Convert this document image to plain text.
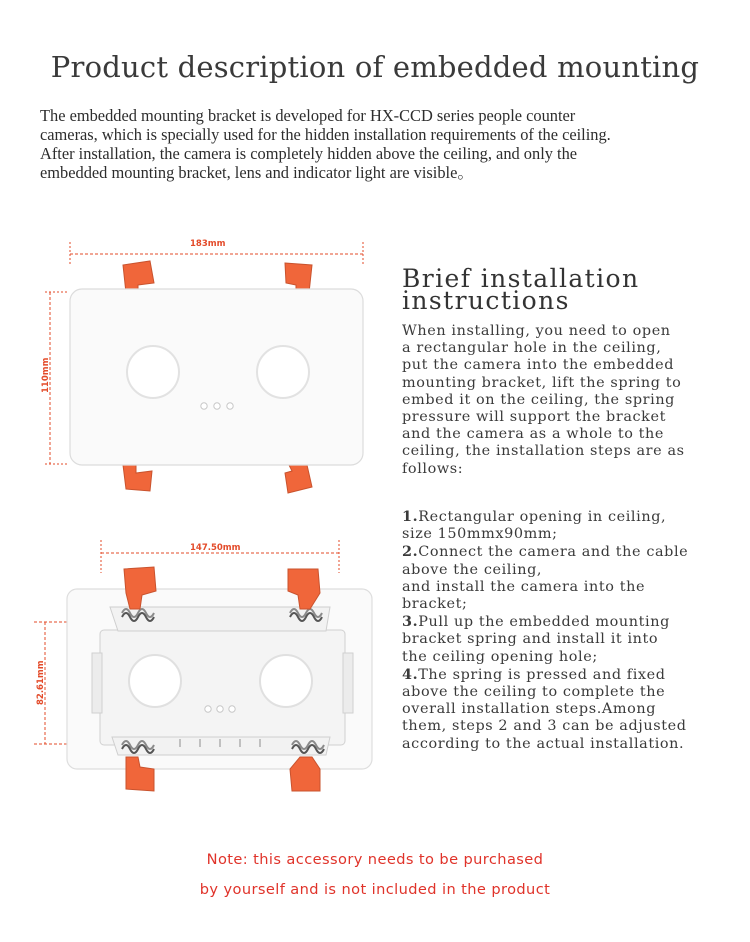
Product description of embedded mounting
The embedded mounting bracket is developed for HX-CCD series people counter
cameras, which is specially used for the hidden installation requirements of the ceiling.
After installation, the camera is completely hidden above the ceiling, and only the
embedded mounting bracket, lens and indicator light are visible。
183mm
110mm
147.50mm
82.61mm
Brief installation
instructions
When installing, you need to open
a rectangular hole in the ceiling,
put the camera into the embedded
mounting bracket, lift the spring to
embed it on the ceiling, the spring
pressure will support the bracket
and the camera as a whole to the
ceiling, the installation steps are as
follows:
1.Rectangular opening in ceiling,
size 150mmx90mm;
2.Connect the camera and the cable
above the ceiling,
and install the camera into the
bracket;
3.Pull up the embedded mounting
bracket spring and install it into
the ceiling opening hole;
4.The spring is pressed and fixed
above the ceiling to complete the
overall installation steps.Among
them, steps 2 and 3 can be adjusted
according to the actual installation.
Note: this accessory needs to be purchased
by yourself and is not included in the product
